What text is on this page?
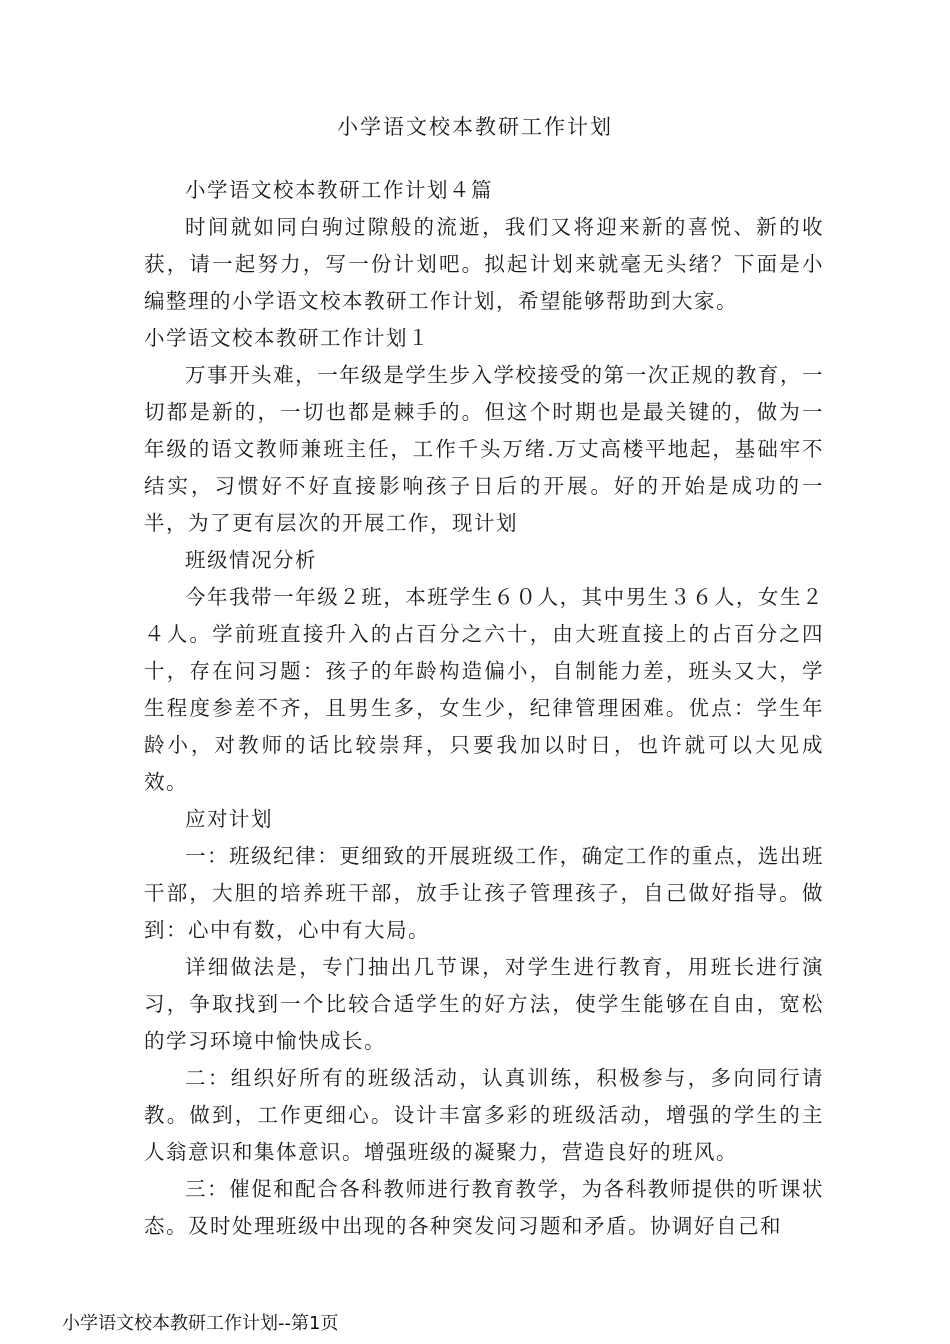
小学语文校本教研工作计划

小学语文校本教研工作计划４篇

时间就如同白驹过隙般的流逝，我们又将迎来新的喜悦、新的收获，请一起努力，写一份计划吧。拟起计划来就毫无头绪？下面是小编整理的小学语文校本教研工作计划，希望能够帮助到大家。

小学语文校本教研工作计划１

万事开头难，一年级是学生步入学校接受的第一次正规的教育，一切都是新的，一切也都是棘手的。但这个时期也是最关键的，做为一年级的语文教师兼班主任，工作千头万绪.万丈高楼平地起，基础牢不结实，习惯好不好直接影响孩子日后的开展。好的开始是成功的一半，为了更有层次的开展工作，现计划

班级情况分析

今年我带一年级２班，本班学生６０人，其中男生３６人，女生２４人。学前班直接升入的占百分之六十，由大班直接上的占百分之四十，存在问习题：孩子的年龄构造偏小，自制能力差，班头又大，学生程度参差不齐，且男生多，女生少，纪律管理困难。优点：学生年龄小，对教师的话比较崇拜，只要我加以时日，也许就可以大见成效。

应对计划

一：班级纪律：更细致的开展班级工作，确定工作的重点，选出班干部，大胆的培养班干部，放手让孩子管理孩子，自己做好指导。做到：心中有数，心中有大局。

详细做法是，专门抽出几节课，对学生进行教育，用班长进行演习，争取找到一个比较合适学生的好方法，使学生能够在自由，宽松的学习环境中愉快成长。

二：组织好所有的班级活动，认真训练，积极参与，多向同行请教。做到，工作更细心。设计丰富多彩的班级活动，增强的学生的主人翁意识和集体意识。增强班级的凝聚力，营造良好的班风。

三：催促和配合各科教师进行教育教学，为各科教师提供的听课状态。及时处理班级中出现的各种突发问习题和矛盾。协调好自己和

小学语文校本教研工作计划--第1页
